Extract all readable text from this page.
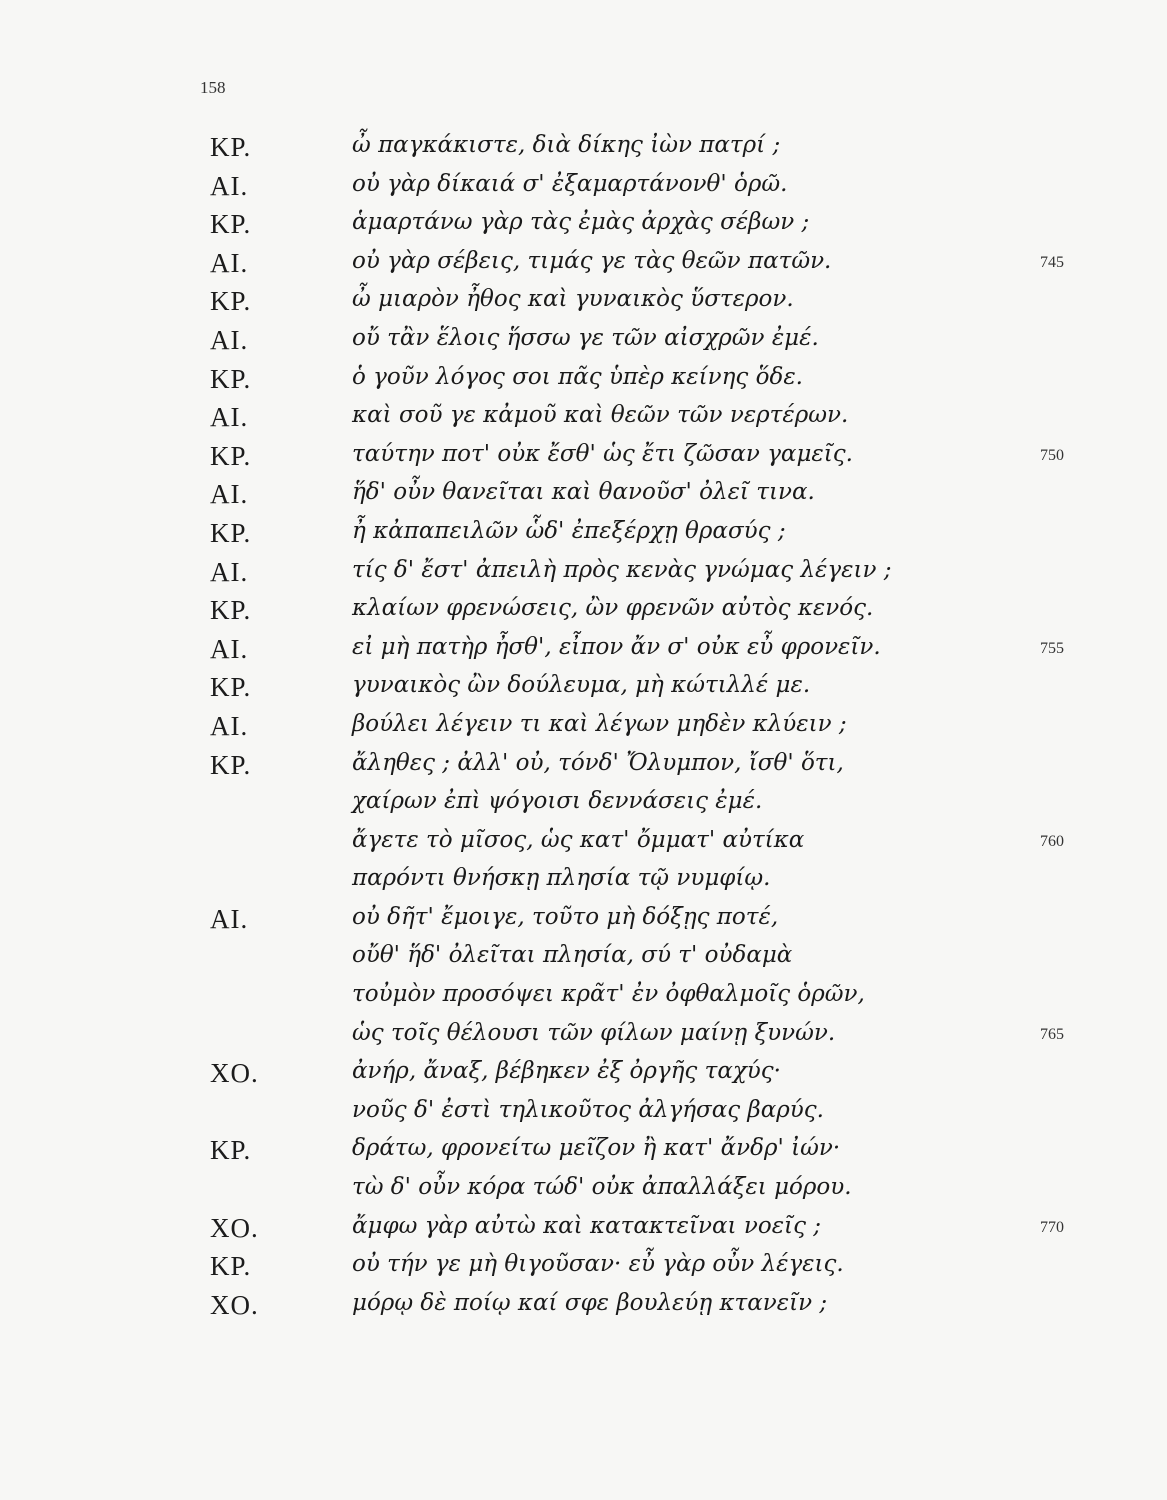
158
ΚΡ.	ὦ παγκάκιστε, διὰ δίκης ἰὼν πατρί ;
ΑΙ.	οὐ γὰρ δίκαιά σ' ἐξαμαρτάνονθ' ὁρῶ.
ΚΡ.	ἁμαρτάνω γὰρ τὰς ἐμὰς ἀρχὰς σέβων ;
ΑΙ.	οὐ γὰρ σέβεις, τιμάς γε τὰς θεῶν πατῶν.	745
ΚΡ.	ὦ μιαρὸν ἦθος καὶ γυναικὸς ὕστερον.
ΑΙ.	οὔ τἂν ἕλοις ἥσσω γε τῶν αἰσχρῶν ἐμέ.
ΚΡ.	ὁ γοῦν λόγος σοι πᾶς ὑπὲρ κείνης ὅδε.
ΑΙ.	καὶ σοῦ γε κἀμοῦ καὶ θεῶν τῶν νερτέρων.
ΚΡ.	ταύτην ποτ' οὐκ ἔσθ' ὡς ἔτι ζῶσαν γαμεῖς.	750
ΑΙ.	ἥδ' οὖν θανεῖται καὶ θανοῦσ' ὀλεῖ τινα.
ΚΡ.	ἦ κἀπαπειλῶν ὧδ' ἐπεξέρχῃ θρασύς ;
ΑΙ.	τίς δ' ἔστ' ἀπειλὴ πρὸς κενὰς γνώμας λέγειν ;
ΚΡ.	κλαίων φρενώσεις, ὢν φρενῶν αὐτὸς κενός.
ΑΙ.	εἰ μὴ πατὴρ ἦσθ', εἶπον ἄν σ' οὐκ εὖ φρονεῖν.	755
ΚΡ.	γυναικὸς ὢν δούλευμα, μὴ κώτιλλέ με.
ΑΙ.	βούλει λέγειν τι καὶ λέγων μηδὲν κλύειν ;
ΚΡ.	ἄληθες ; ἀλλ' οὐ, τόνδ' Ὄλυμπον, ἴσθ' ὅτι,
χαίρων ἐπὶ ψόγοισι δεννάσεις ἐμέ.
ἄγετε τὸ μῖσος, ὡς κατ' ὄμματ' αὐτίκα	760
παρόντι θνήσκῃ πλησία τῷ νυμφίῳ.
ΑΙ.	οὐ δῆτ' ἔμοιγε, τοῦτο μὴ δόξῃς ποτέ,
οὔθ' ἥδ' ὀλεῖται πλησία, σύ τ' οὐδαμὰ
τοὐμὸν προσόψει κρᾶτ' ἐν ὀφθαλμοῖς ὁρῶν,
ὡς τοῖς θέλουσι τῶν φίλων μαίνῃ ξυνών.	765
ΧΟ.	ἀνήρ, ἄναξ, βέβηκεν ἐξ ὀργῆς ταχύς·
νοῦς δ' ἐστὶ τηλικοῦτος ἀλγήσας βαρύς.
ΚΡ.	δράτω, φρονείτω μεῖζον ἢ κατ' ἄνδρ' ἰών·
τὼ δ' οὖν κόρα τώδ' οὐκ ἀπαλλάξει μόρου.
ΧΟ.	ἄμφω γὰρ αὐτὼ καὶ κατακτεῖναι νοεῖς ;	770
ΚΡ.	οὐ τήν γε μὴ θιγοῦσαν· εὖ γὰρ οὖν λέγεις.
ΧΟ.	μόρῳ δὲ ποίῳ καί σφε βουλεύῃ κτανεῖν ;
